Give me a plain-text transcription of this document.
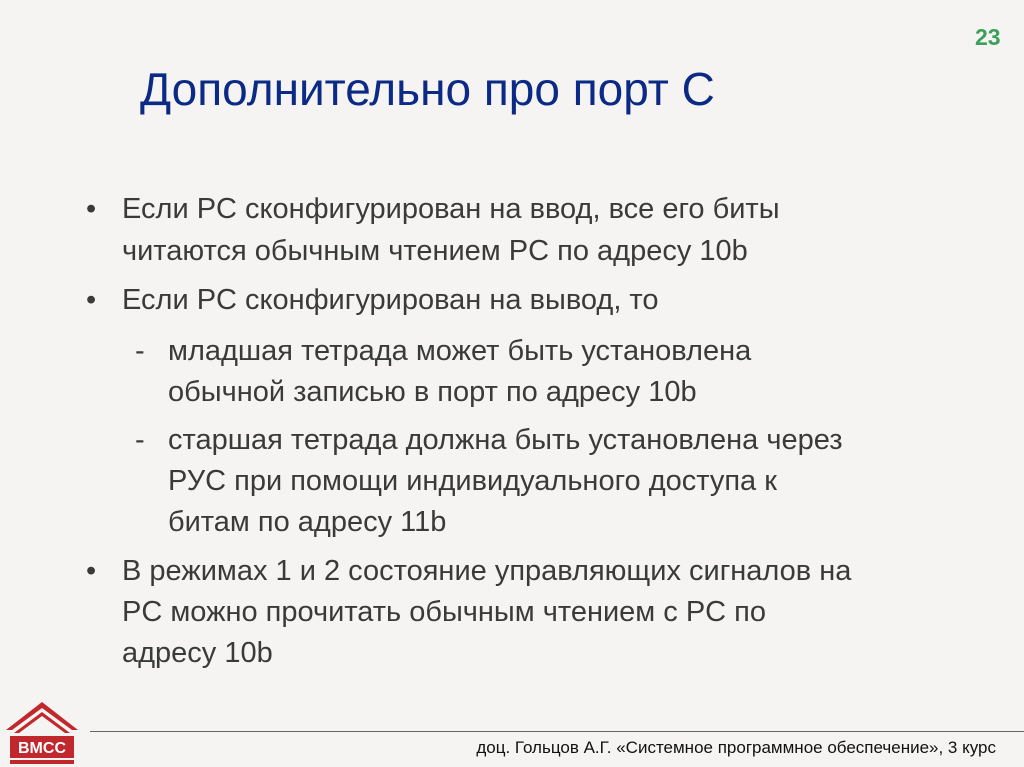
23
Дополнительно про порт С
• Если PC сконфигурирован на ввод, все его биты
читаются обычным чтением PC по адресу 10b
• Если PC сконфигурирован на вывод, то
- младшая тетрада может быть установлена
обычной записью в порт по адресу 10b
- старшая тетрада должна быть установлена через
РУС при помощи индивидуального доступа к
битам по адресу 11b
• В режимах 1 и 2 состояние управляющих сигналов на
PC можно прочитать обычным чтением с PC по
адресу 10b
ВМСС	доц. Гольцов А.Г. «Системное программное обеспечение», 3 курс
